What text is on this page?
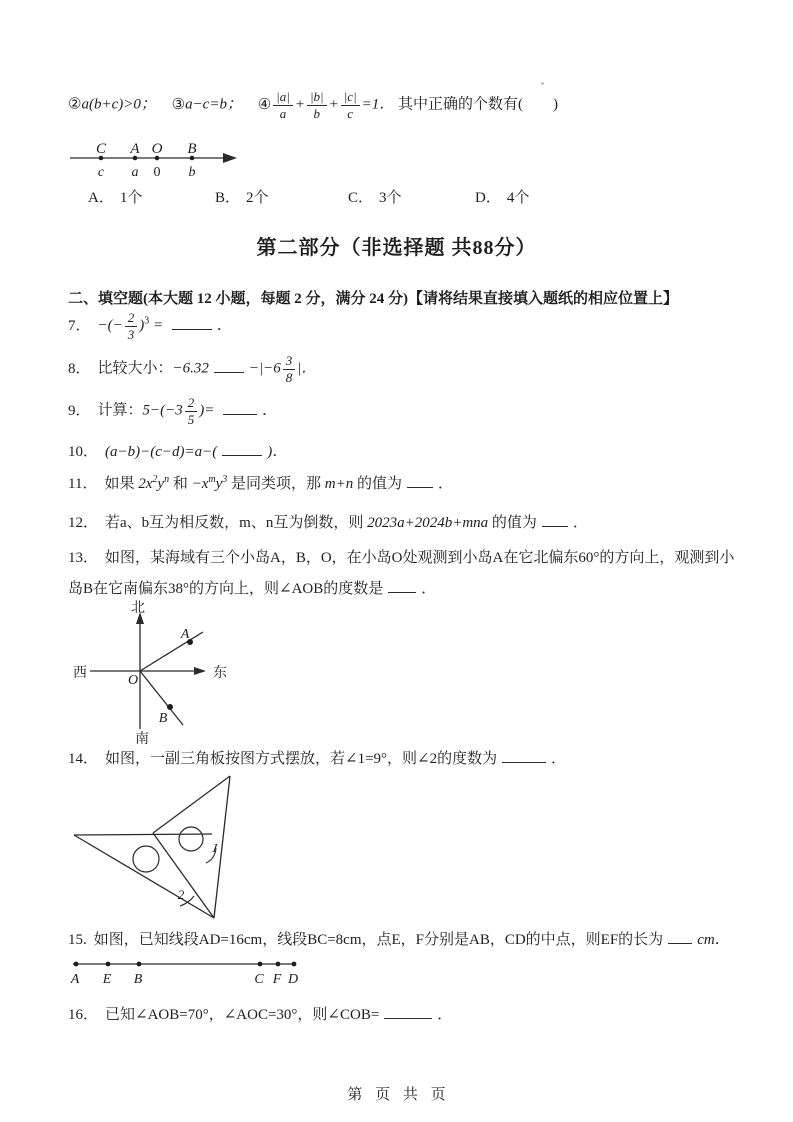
②a(b+c)>0； ③a−c=b； ④ $\frac{|a|}{a} + \frac{|b|}{b} + \frac{|c|}{c} =1$． 其中正确的个数有(　　)
C A O B
c a 0 b
A． 1个	B． 2个	C． 3个	D． 4个
第二部分（非选择题 共88分）
二、填空题(本大题 12 小题，每题 2 分，满分 24 分)【请将结果直接填入题纸的相应位置上】
7． −(− $\frac{2}{3} )^3$ =	．
8． 比较大小：−6.32	$-|-6 \frac{3}{8}$ |．
9． 计算：$5-(-3 \frac{2}{5}$ )=	．
10． (a−b)−(c−d)=a−(	)．
11． 如果 $2x^2y^n$ 和 $-x^my^3$ 是同类项，那 m+n 的值为 ．
12． 若a、b互为相反数，m、n互为倒数，则 2023a+2024b+mna 的值为 ．
13． 如图，某海域有三个小岛A，B，O，在小岛O处观测到小岛A在它北偏东60°的方向上，观测到小岛B在它南偏东38°的方向上，则∠AOB的度数是	．
北
南
西	东
O
A
B
14． 如图，一副三角板按图方式摆放，若∠1=9°，则∠2的度数为	．
1
2
15. 如图，已知线段AD=16cm，线段BC=8cm，点E，F分别是AB，CD的中点，则EF的长为 cm．
A E B	C F D
16． 已知∠AOB=70°，∠AOC=30°，则∠COB=	．
第 页 共 页
